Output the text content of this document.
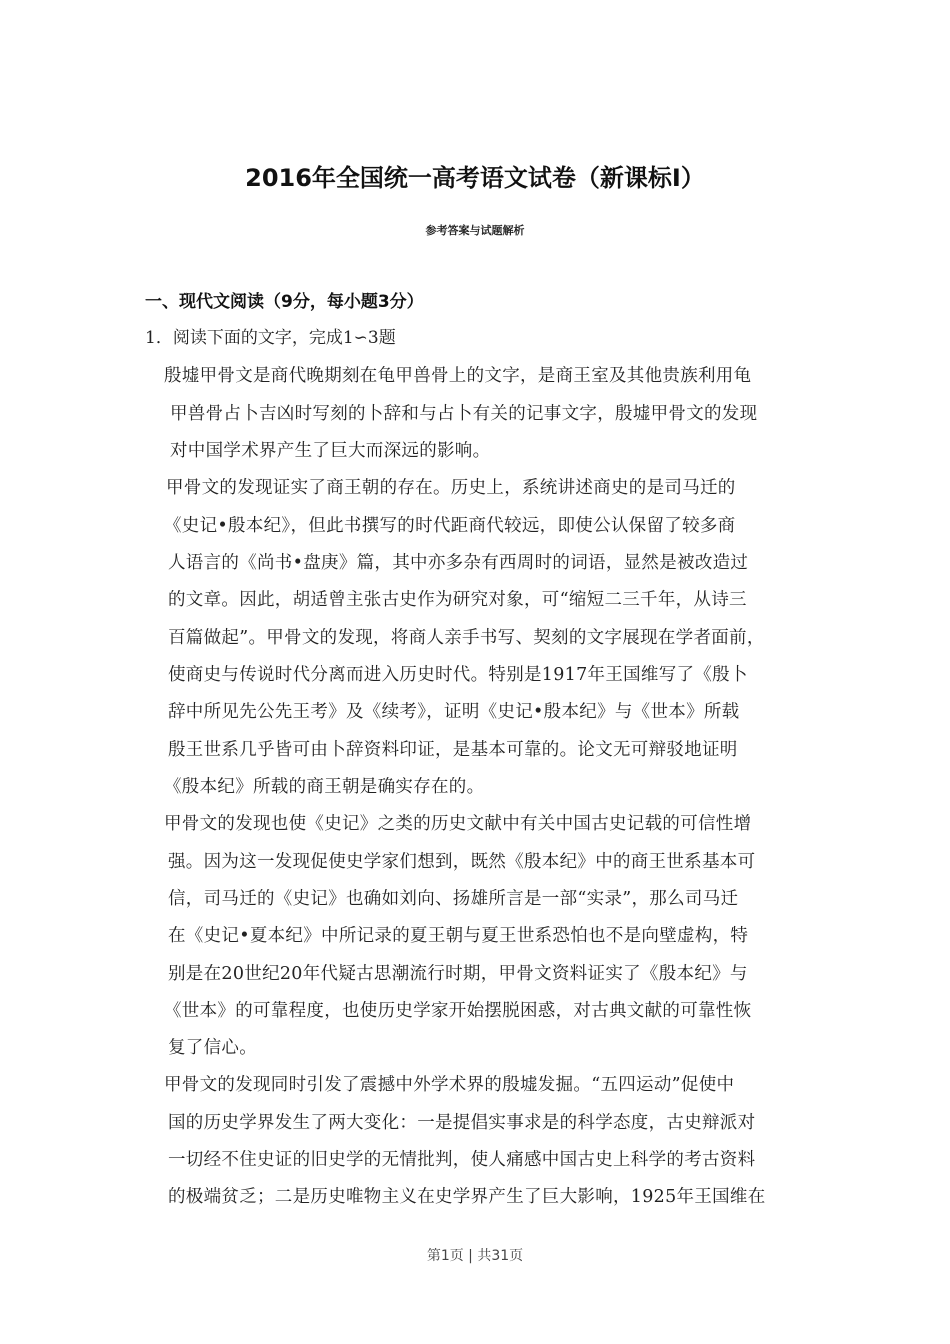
2016年全国统一高考语文试卷（新课标Ⅰ）
参考答案与试题解析
一、现代文阅读（9分，每小题3分）
1．阅读下面的文字，完成1∽3题
殷墟甲骨文是商代晚期刻在龟甲兽骨上的文字，是商王室及其他贵族利用龟
甲兽骨占卜吉凶时写刻的卜辞和与占卜有关的记事文字，殷墟甲骨文的发现
对中国学术界产生了巨大而深远的影响。
甲骨文的发现证实了商王朝的存在。历史上，系统讲述商史的是司马迁的
《史记•殷本纪》，但此书撰写的时代距商代较远，即使公认保留了较多商
人语言的《尚书•盘庚》篇，其中亦多杂有西周时的词语，显然是被改造过
的文章。因此，胡适曾主张古史作为研究对象，可“缩短二三千年，从诗三
百篇做起”。甲骨文的发现，将商人亲手书写、契刻的文字展现在学者面前，
使商史与传说时代分离而进入历史时代。特别是1917年王国维写了《殷卜
辞中所见先公先王考》及《续考》，证明《史记•殷本纪》与《世本》所载
殷王世系几乎皆可由卜辞资料印证，是基本可靠的。论文无可辩驳地证明
《殷本纪》所载的商王朝是确实存在的。
甲骨文的发现也使《史记》之类的历史文献中有关中国古史记载的可信性增
强。因为这一发现促使史学家们想到，既然《殷本纪》中的商王世系基本可
信，司马迁的《史记》也确如刘向、扬雄所言是一部“实录”，那么司马迁
在《史记•夏本纪》中所记录的夏王朝与夏王世系恐怕也不是向壁虚构，特
别是在20世纪20年代疑古思潮流行时期，甲骨文资料证实了《殷本纪》与
《世本》的可靠程度，也使历史学家开始摆脱困惑，对古典文献的可靠性恢
复了信心。
甲骨文的发现同时引发了震撼中外学术界的殷墟发掘。“五四运动”促使中
国的历史学界发生了两大变化：一是提倡实事求是的科学态度，古史辩派对
一切经不住史证的旧史学的无情批判，使人痛感中国古史上科学的考古资料
的极端贫乏；二是历史唯物主义在史学界产生了巨大影响，1925年王国维在
第1页 | 共31页
